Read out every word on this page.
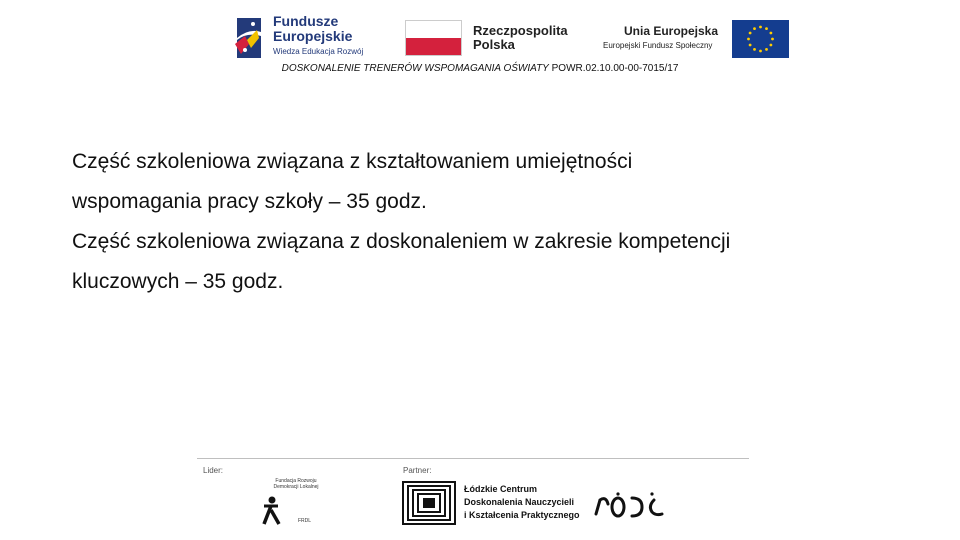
Fundusze
Europejskie
Wiedza Edukacja Rozwój
Rzeczpospolita
Polska
Unia Europejska
Europejski Fundusz Społeczny
DOSKONALENIE TRENERÓW WSPOMAGANIA OŚWIATY POWR.02.10.00-00-7015/17

Część szkoleniowa związana z kształtowaniem umiejętności

wspomagania pracy szkoły – 35 godz.

Część szkoleniowa związana z doskonaleniem w zakresie kompetencji

kluczowych – 35 godz.

Lider:	Partner:
Fundacja Rozwoju Demokracji Lokalnej
FRDL
Łódzkie Centrum
Doskonalenia Nauczycieli
i Kształcenia Praktycznego
